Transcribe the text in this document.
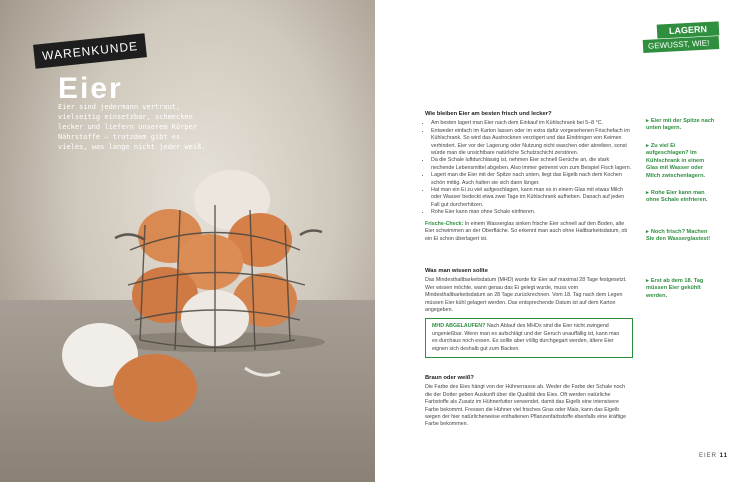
WARENKUNDE
Eier
Eier sind jedermann vertraut, vielseitig einsetzbar, schmecken lecker und liefern unserem Körper Nährstoffe – trotzdem gibt es vieles, was lange nicht jeder weiß.
LAGERN
GEWUSST, WIE!
Wie bleiben Eier am besten frisch und lecker?
• Am besten lagert man Eier nach dem Einkauf im Kühlschrank bei 5–8 °C.
• Entweder einfach im Karton lassen oder im extra dafür vorgesehenen Frischefach im Kühlschrank. So wird das Austrocknen verzögert und das Eindringen von Keimen verhindert. Eier vor der Lagerung oder Nutzung nicht waschen oder abreiben, sonst würde man die unsichtbare natürliche Schutzschicht zerstören.
• Da die Schale luftdurchlässig ist, nehmen Eier schnell Gerüche an, die stark riechende Lebensmittel abgeben. Also immer getrennt von zum Beispiel Fisch lagern.
• Lagert man die Eier mit der Spitze nach unten, liegt das Eigelb nach dem Kochen schön mittig. Auch halten sie sich dann länger.
• Hat man ein Ei zu viel aufgeschlagen, kann man es in einem Glas mit etwas Milch oder Wasser bedeckt etwa zwei Tage im Kühlschrank aufheben. Danach auf jeden Fall gut durcherhitzen.
• Rohe Eier kann man ohne Schale einfrieren.

Frische-Check: In einem Wasserglas sinken frische Eier schnell auf den Boden, alte Eier schwimmen an der Oberfläche. So erkennt man auch ohne Haltbarkeitsdatum, ob ein Ei schon überlagert ist.

Was man wissen sollte

Das Mindesthaltbarkeitsdatum (MHD) wurde für Eier auf maximal 28 Tage festgesetzt. Wer wissen möchte, wann genau das Ei gelegt wurde, muss vom Mindesthaltbarkeitsdatum an 28 Tage zurückrechnen. Vom 18. Tag nach dem Legen müssen Eier kühl gelagert werden. Das entsprechende Datum ist auf dem Karton angegeben.

MHD ABGELAUFEN? Nach Ablauf des MHDs sind die Eier nicht zwingend ungenießbar. Wenn man es aufschlägt und der Geruch unauffällig ist, kann man es durchaus noch essen. Es sollte aber völlig durchgegart werden, ältere Eier eignen sich deshalb gut zum Backen.
Braun oder weiß?

Die Farbe des Eies hängt von der Hühnerrasse ab. Weder die Farbe der Schale noch die der Dotter geben Auskunft über die Qualität des Eies. Oft werden natürliche Farbstoffe als Zusatz im Hühnerfutter verwendet, damit das Eigelb eine intensivere Farbe bekommt. Fressen die Hühner viel frisches Gras oder Mais, kann das Eigelb wegen der hier natürlicherweise enthaltenen Pflanzenfarbstoffe ebenfalls eine kräftige Farbe bekommen.

▸ Eier mit der Spitze nach unten lagern.
▸ Zu viel Ei aufgeschlagen? Im Kühlschrank in einem Glas mit Wasser oder Milch zwischenlagern.
▸ Rohe Eier kann man ohne Schale einfrieren.
▸ Noch frisch? Machen Sie den Wasserglastest!
▸ Erst ab dem 18. Tag müssen Eier gekühlt werden.
EIER 11
